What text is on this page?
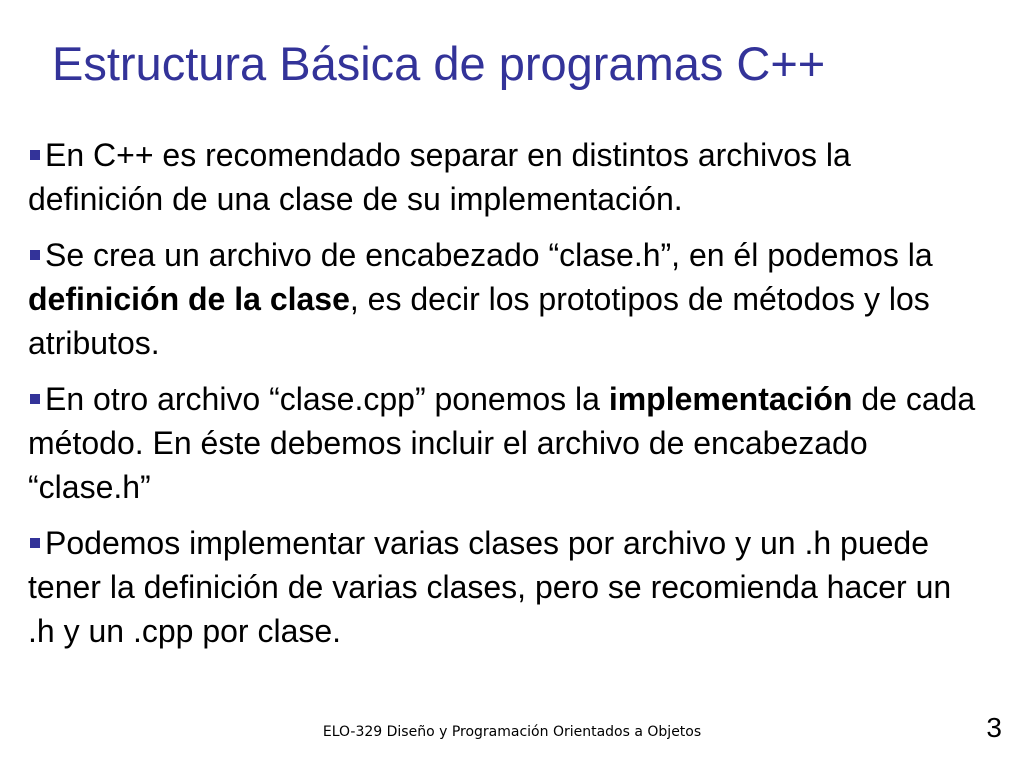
Estructura Básica de programas C++
En C++ es recomendado separar en distintos archivos la definición de una clase de su implementación.
Se crea un archivo de encabezado “clase.h”, en él podemos la definición de la clase, es decir los prototipos de métodos y los atributos.
En otro archivo “clase.cpp” ponemos la implementación de cada método. En éste debemos incluir el archivo de encabezado “clase.h”
Podemos implementar varias clases por archivo y un .h puede tener la definición de varias clases, pero se recomienda hacer un .h y un .cpp por clase.
ELO-329 Diseño y Programación Orientados a Objetos	3
